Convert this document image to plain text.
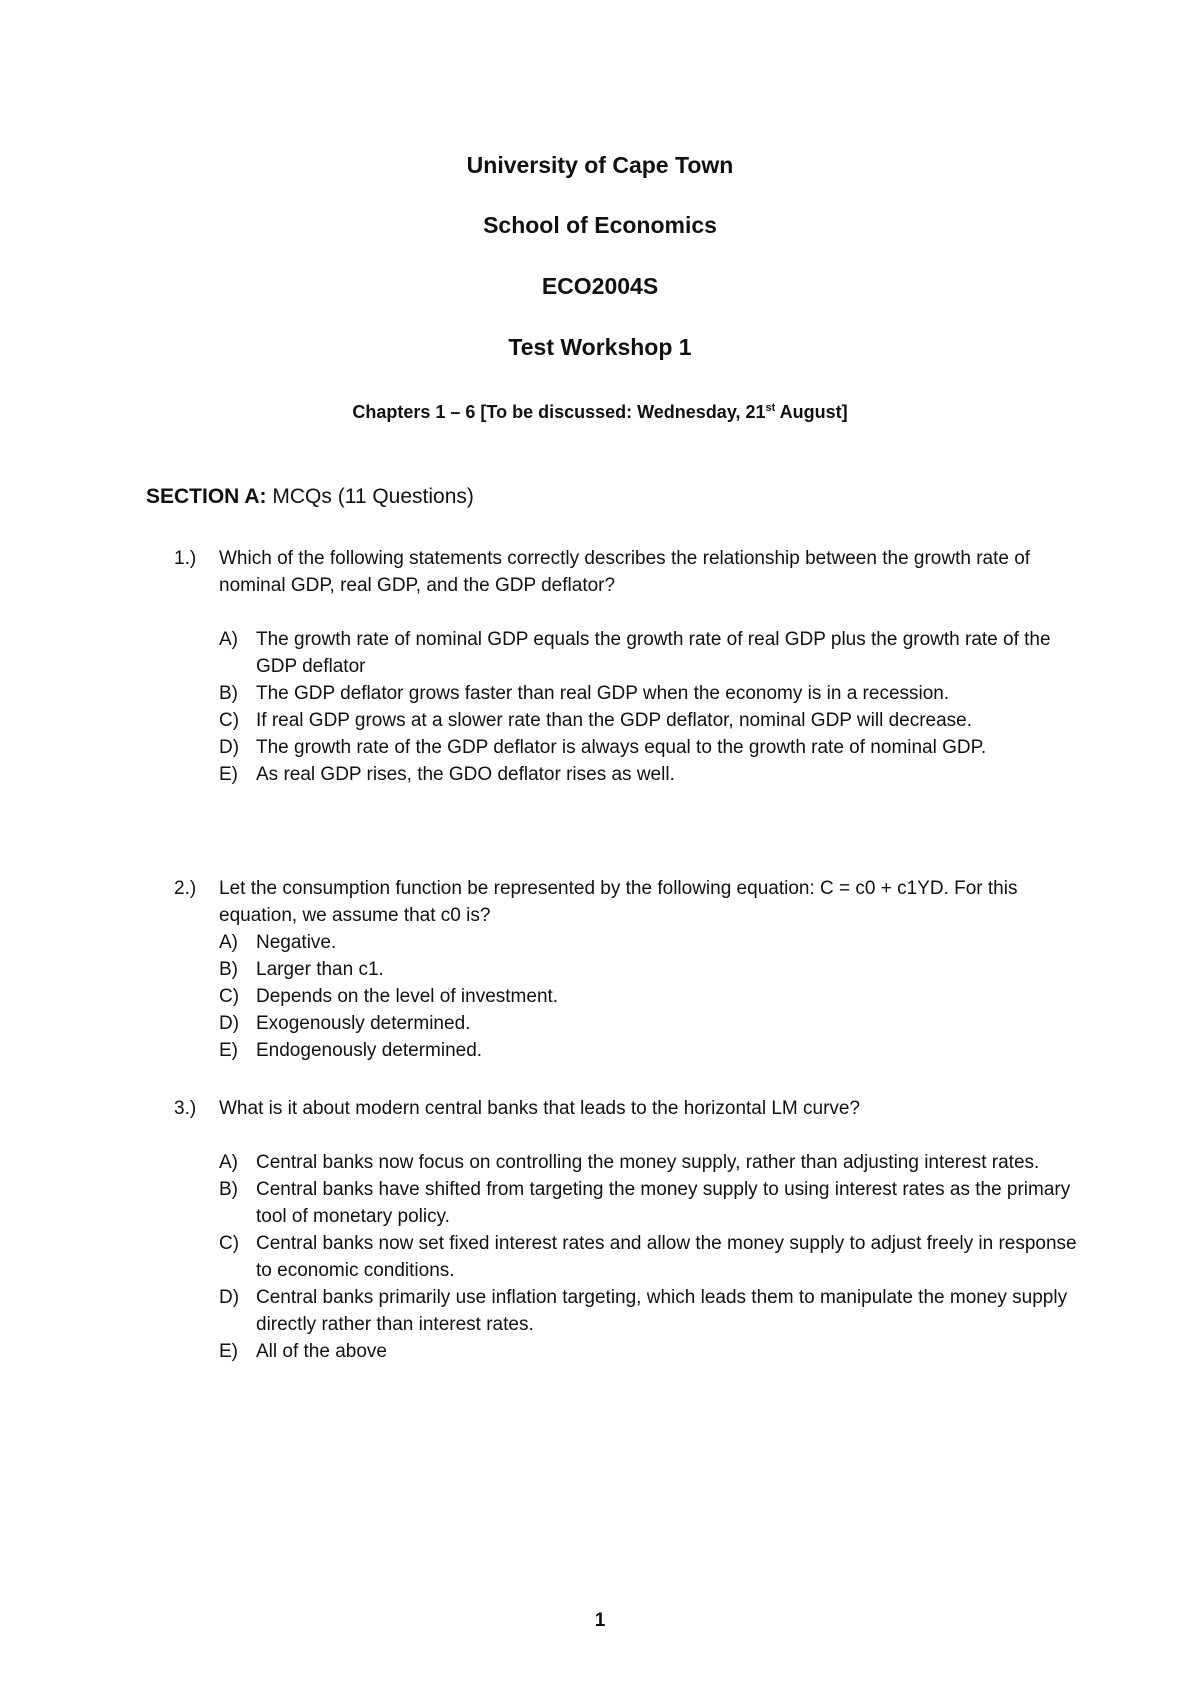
University of Cape Town
School of Economics
ECO2004S
Test Workshop 1
Chapters 1 – 6 [To be discussed: Wednesday, 21st August]
SECTION A: MCQs (11 Questions)
1.) Which of the following statements correctly describes the relationship between the growth rate of nominal GDP, real GDP, and the GDP deflator?
A) The growth rate of nominal GDP equals the growth rate of real GDP plus the growth rate of the GDP deflator
B) The GDP deflator grows faster than real GDP when the economy is in a recession.
C) If real GDP grows at a slower rate than the GDP deflator, nominal GDP will decrease.
D) The growth rate of the GDP deflator is always equal to the growth rate of nominal GDP.
E) As real GDP rises, the GDO deflator rises as well.
2.) Let the consumption function be represented by the following equation: C = c0 + c1YD. For this equation, we assume that c0 is?
A) Negative.
B) Larger than c1.
C) Depends on the level of investment.
D) Exogenously determined.
E) Endogenously determined.
3.) What is it about modern central banks that leads to the horizontal LM curve?
A) Central banks now focus on controlling the money supply, rather than adjusting interest rates.
B) Central banks have shifted from targeting the money supply to using interest rates as the primary tool of monetary policy.
C) Central banks now set fixed interest rates and allow the money supply to adjust freely in response to economic conditions.
D) Central banks primarily use inflation targeting, which leads them to manipulate the money supply directly rather than interest rates.
E) All of the above
1
